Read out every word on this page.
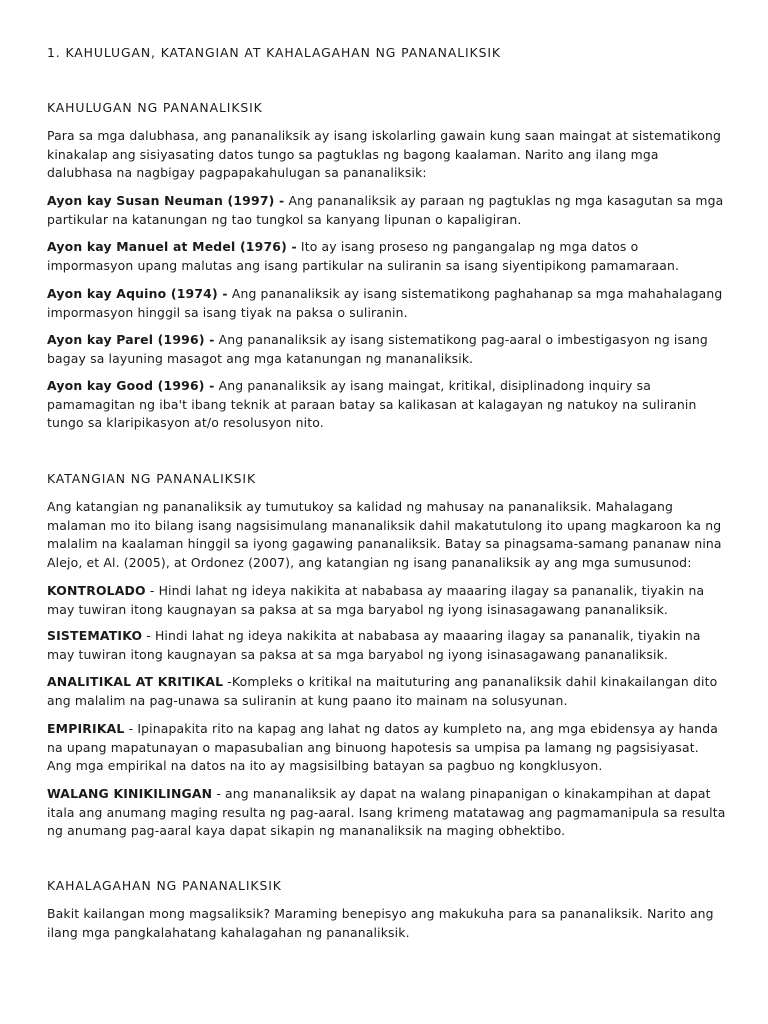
1. KAHULUGAN, KATANGIAN AT KAHALAGAHAN NG PANANALIKSIK

KAHULUGAN NG PANANALIKSIK

Para sa mga dalubhasa, ang pananaliksik ay isang iskolarling gawain kung saan maingat at sistematikong kinakalap ang sisiyasating datos tungo sa pagtuklas ng bagong kaalaman. Narito ang ilang mga dalubhasa na nagbigay pagpapakahulugan sa pananaliksik:

Ayon kay Susan Neuman (1997) - Ang pananaliksik ay paraan ng pagtuklas ng mga kasagutan sa mga partikular na katanungan ng tao tungkol sa kanyang lipunan o kapaligiran.

Ayon kay Manuel at Medel (1976) - Ito ay isang proseso ng pangangalap ng mga datos o impormasyon upang malutas ang isang partikular na suliranin sa isang siyentipikong pamamaraan.

Ayon kay Aquino (1974) - Ang pananaliksik ay isang sistematikong paghahanap sa mga mahahalagang impormasyon hinggil sa isang tiyak na paksa o suliranin.

Ayon kay Parel (1996) - Ang pananaliksik ay isang sistematikong pag-aaral o imbestigasyon ng isang bagay sa layuning masagot ang mga katanungan ng mananaliksik.

Ayon kay Good (1996) - Ang pananaliksik ay isang maingat, kritikal, disiplinadong inquiry sa pamamagitan ng iba't ibang teknik at paraan batay sa kalikasan at kalagayan ng natukoy na suliranin tungo sa klaripikasyon at/o resolusyon nito.

KATANGIAN NG PANANALIKSIK

Ang katangian ng pananaliksik ay tumutukoy sa kalidad ng mahusay na pananaliksik. Mahalagang malaman mo ito bilang isang nagsisimulang mananaliksik dahil makatutulong ito upang magkaroon ka ng malalim na kaalaman hinggil sa iyong gagawing pananaliksik. Batay sa pinagsama-samang pananaw nina Alejo, et Al. (2005), at Ordonez (2007), ang katangian ng isang pananaliksik ay ang mga sumusunod:

KONTROLADO - Hindi lahat ng ideya nakikita at nababasa ay maaaring ilagay sa pananalik, tiyakin na may tuwiran itong kaugnayan sa paksa at sa mga baryabol ng iyong isinasagawang pananaliksik.

SISTEMATIKO - Hindi lahat ng ideya nakikita at nababasa ay maaaring ilagay sa pananalik, tiyakin na may tuwiran itong kaugnayan sa paksa at sa mga baryabol ng iyong isinasagawang pananaliksik.

ANALITIKAL AT KRITIKAL -Kompleks o kritikal na maituturing ang pananaliksik dahil kinakailangan dito ang malalim na pag-unawa sa suliranin at kung paano ito mainam na solusyunan.

EMPIRIKAL - Ipinapakita rito na kapag ang lahat ng datos ay kumpleto na, ang mga ebidensya ay handa na upang mapatunayan o mapasubalian ang binuong hapotesis sa umpisa pa lamang ng pagsisiyasat. Ang mga empirikal na datos na ito ay magsisilbing batayan sa pagbuo ng kongklusyon.

WALANG KINIKILINGAN - ang mananaliksik ay dapat na walang pinapanigan o kinakampihan at dapat itala ang anumang maging resulta ng pag-aaral. Isang krimeng matatawag ang pagmamanipula sa resulta ng anumang pag-aaral kaya dapat sikapin ng mananaliksik na maging obhektibo.

KAHALAGAHAN NG PANANALIKSIK

Bakit kailangan mong magsaliksik? Maraming benepisyo ang makukuha para sa pananaliksik. Narito ang ilang mga pangkalahatang kahalagahan ng pananaliksik.
